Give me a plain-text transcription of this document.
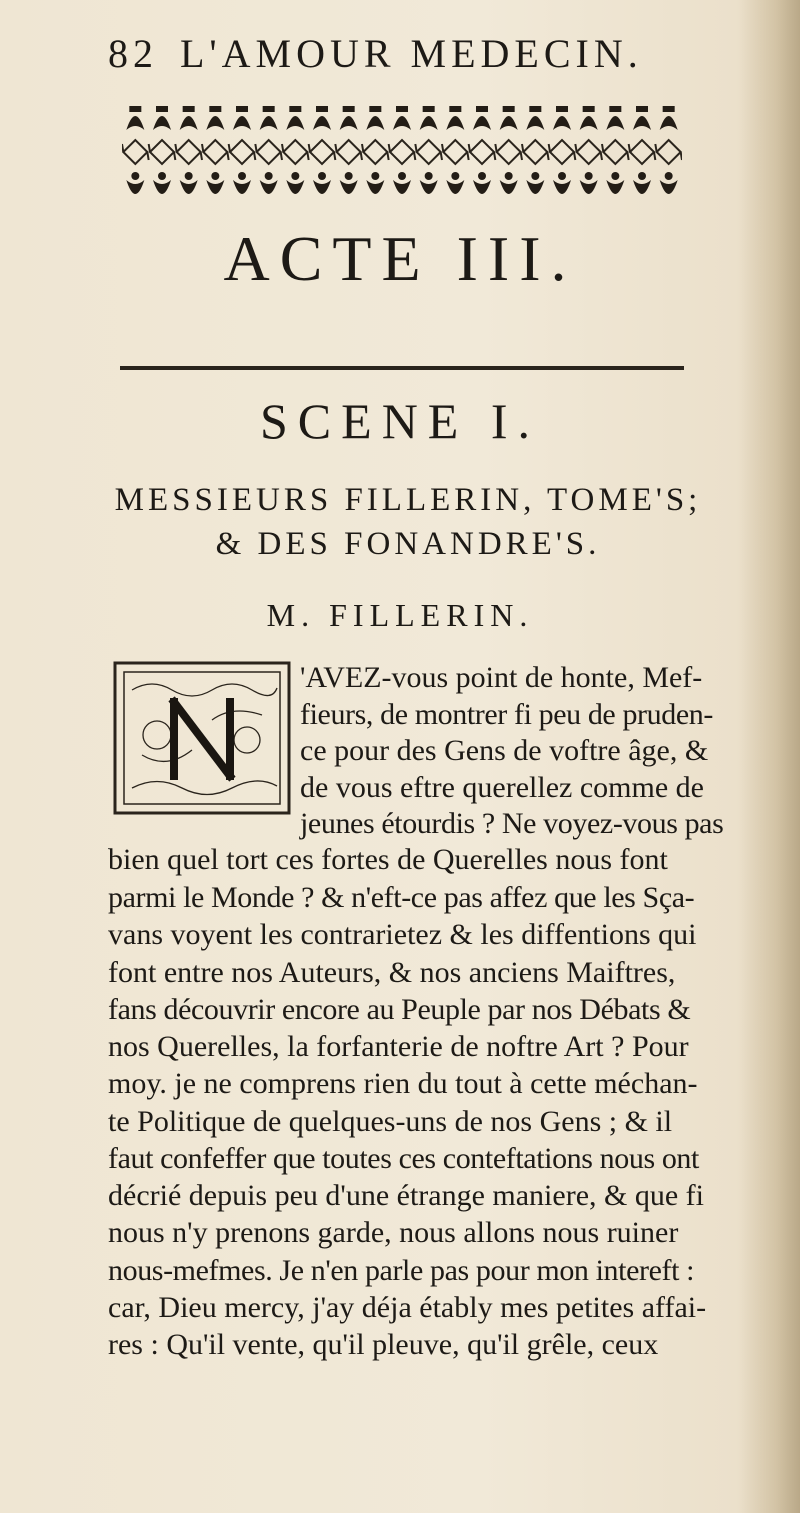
82 L'AMOUR MEDECIN.
ACTE III.
SCENE I.
MESSIEURS FILLERIN, TOME'S;
& DES FONANDRE'S.
M. FILLERIN.
'AVEZ-vous point de honte, Mef-
fieurs, de montrer fi peu de pruden-
ce pour des Gens de voftre âge, &
de vous eftre querellez comme de
jeunes étourdis ? Ne voyez-vous pas
bien quel tort ces fortes de Querelles nous font
parmi le Monde ? & n'eft-ce pas affez que les Sça-
vans voyent les contrarietez & les diffentions qui
font entre nos Auteurs, & nos anciens Maiftres,
fans découvrir encore au Peuple par nos Débats &
nos Querelles, la forfanterie de noftre Art ? Pour
moy. je ne comprens rien du tout à cette méchan-
te Politique de quelques-uns de nos Gens ; & il
faut confeffer que toutes ces conteftations nous ont
décrié depuis peu d'une étrange maniere, & que fi
nous n'y prenons garde, nous allons nous ruiner
nous-mefmes. Je n'en parle pas pour mon intereft :
car, Dieu mercy, j'ay déja étably mes petites affai-
res : Qu'il vente, qu'il pleuve, qu'il grêle, ceux
